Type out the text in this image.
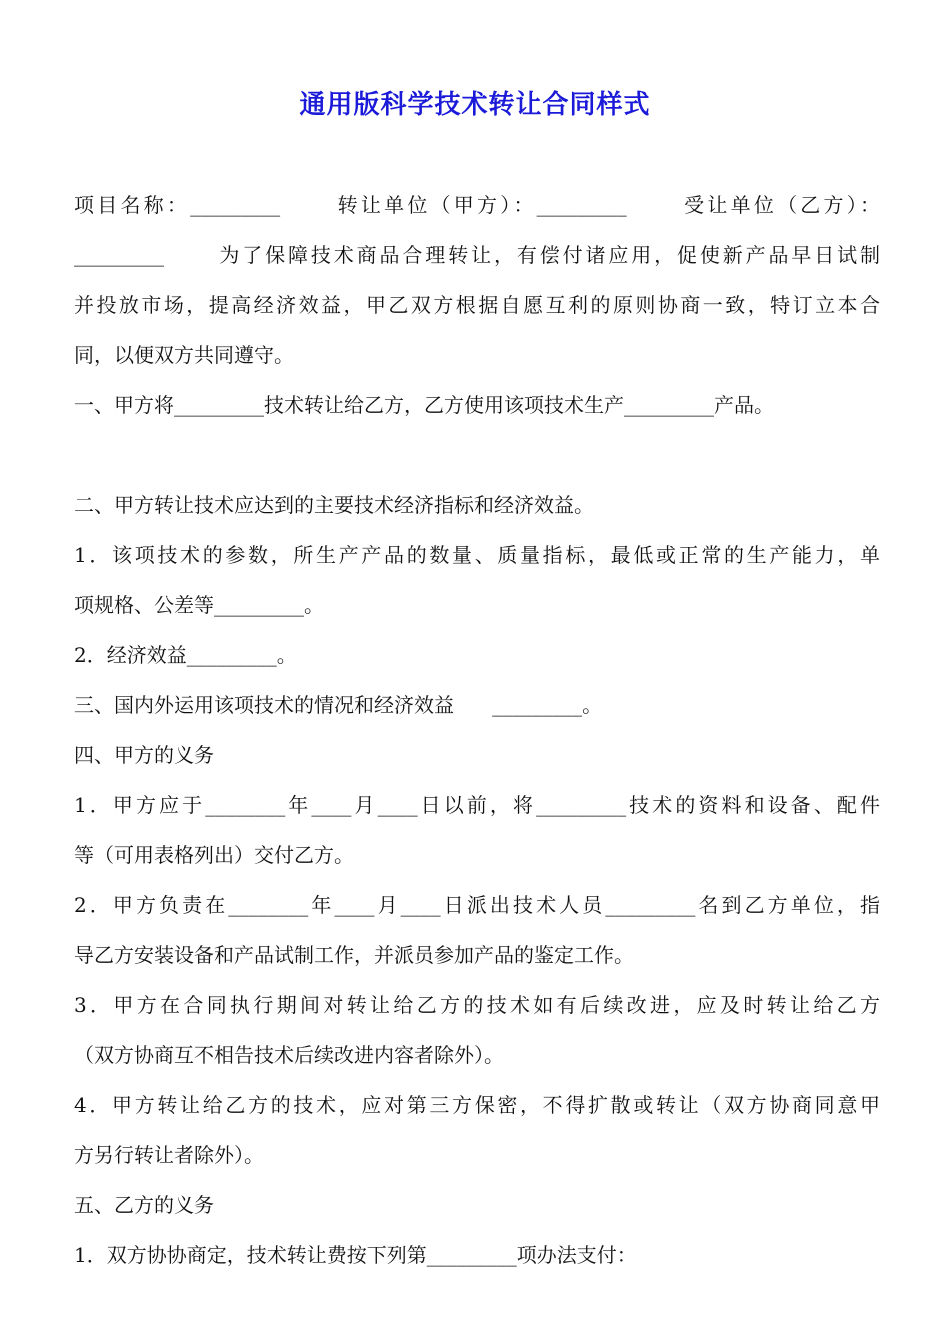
通用版科学技术转让合同样式
项目名称：_________      转让单位（甲方）：_________      受让单位（乙方）：
_________      为了保障技术商品合理转让，有偿付诸应用，促使新产品早日试制
并投放市场，提高经济效益，甲乙双方根据自愿互利的原则协商一致，特订立本合
同，以便双方共同遵守。
一、甲方将_________技术转让给乙方，乙方使用该项技术生产_________产品。
二、甲方转让技术应达到的主要技术经济指标和经济效益。
1．该项技术的参数，所生产产品的数量、质量指标，最低或正常的生产能力，单
项规格、公差等_________。
2．经济效益_________。
三、国内外运用该项技术的情况和经济效益      _________。
四、甲方的义务
1．甲方应于________年____月____日以前，将_________技术的资料和设备、配件
等（可用表格列出）交付乙方。
2．甲方负责在________年____月____日派出技术人员_________名到乙方单位，指
导乙方安装设备和产品试制工作，并派员参加产品的鉴定工作。
3．甲方在合同执行期间对转让给乙方的技术如有后续改进，应及时转让给乙方
（双方协商互不相告技术后续改进内容者除外）。
4．甲方转让给乙方的技术，应对第三方保密，不得扩散或转让（双方协商同意甲
方另行转让者除外）。
五、乙方的义务
1．双方协协商定，技术转让费按下列第_________项办法支付：
